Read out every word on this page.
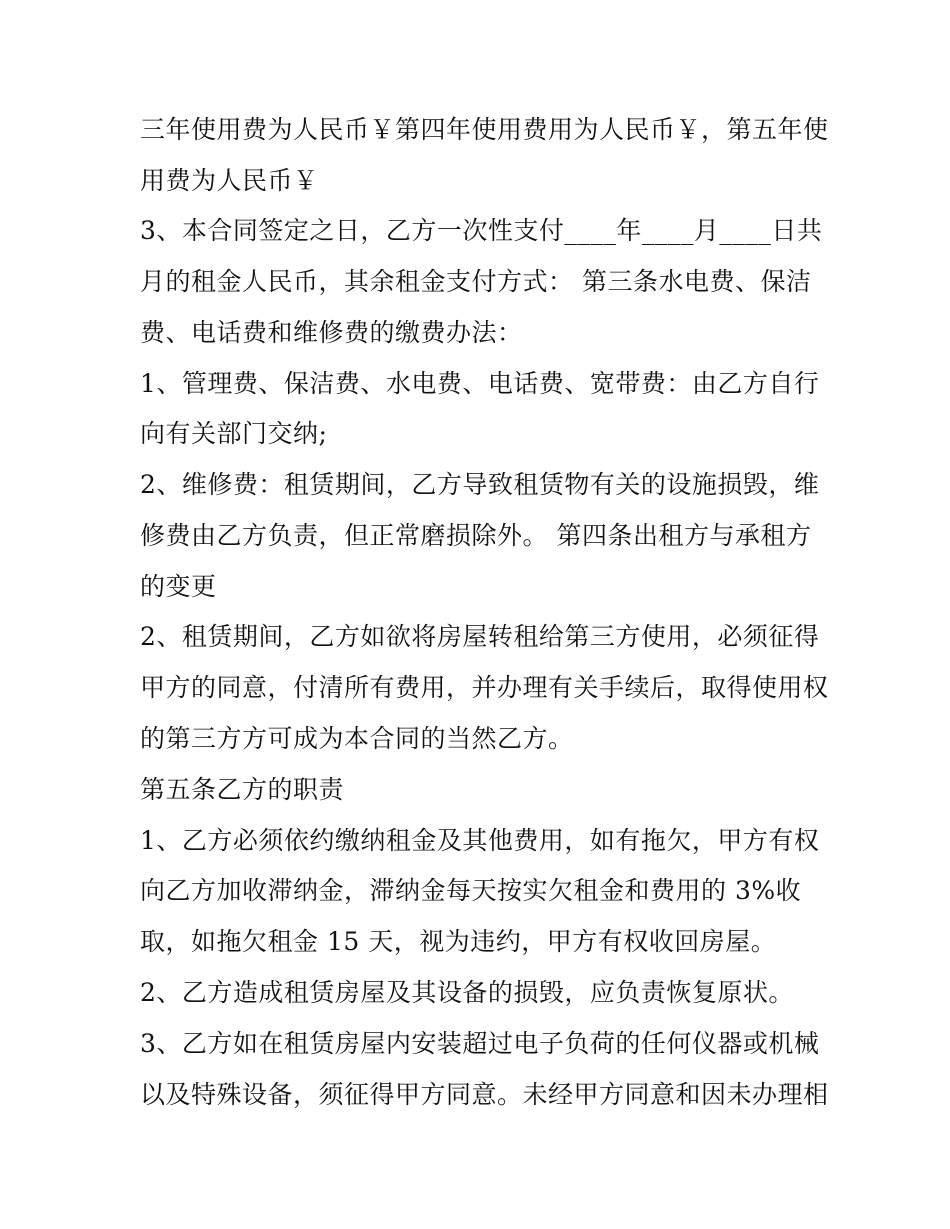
三年使用费为人民币￥第四年使用费用为人民币￥，第五年使
用费为人民币￥
3、本合同签定之日，乙方一次性支付____年____月____日共
月的租金人民币，其余租金支付方式： 第三条水电费、保洁
费、电话费和维修费的缴费办法：
1、管理费、保洁费、水电费、电话费、宽带费：由乙方自行
向有关部门交纳;
2、维修费：租赁期间，乙方导致租赁物有关的设施损毁，维
修费由乙方负责，但正常磨损除外。 第四条出租方与承租方
的变更
2、租赁期间，乙方如欲将房屋转租给第三方使用，必须征得
甲方的同意，付清所有费用，并办理有关手续后，取得使用权
的第三方方可成为本合同的当然乙方。
第五条乙方的职责
1、乙方必须依约缴纳租金及其他费用，如有拖欠，甲方有权
向乙方加收滞纳金，滞纳金每天按实欠租金和费用的 3%收
取，如拖欠租金 15 天，视为违约，甲方有权收回房屋。
2、乙方造成租赁房屋及其设备的损毁，应负责恢复原状。
3、乙方如在租赁房屋内安装超过电子负荷的任何仪器或机械
以及特殊设备，须征得甲方同意。未经甲方同意和因未办理相
